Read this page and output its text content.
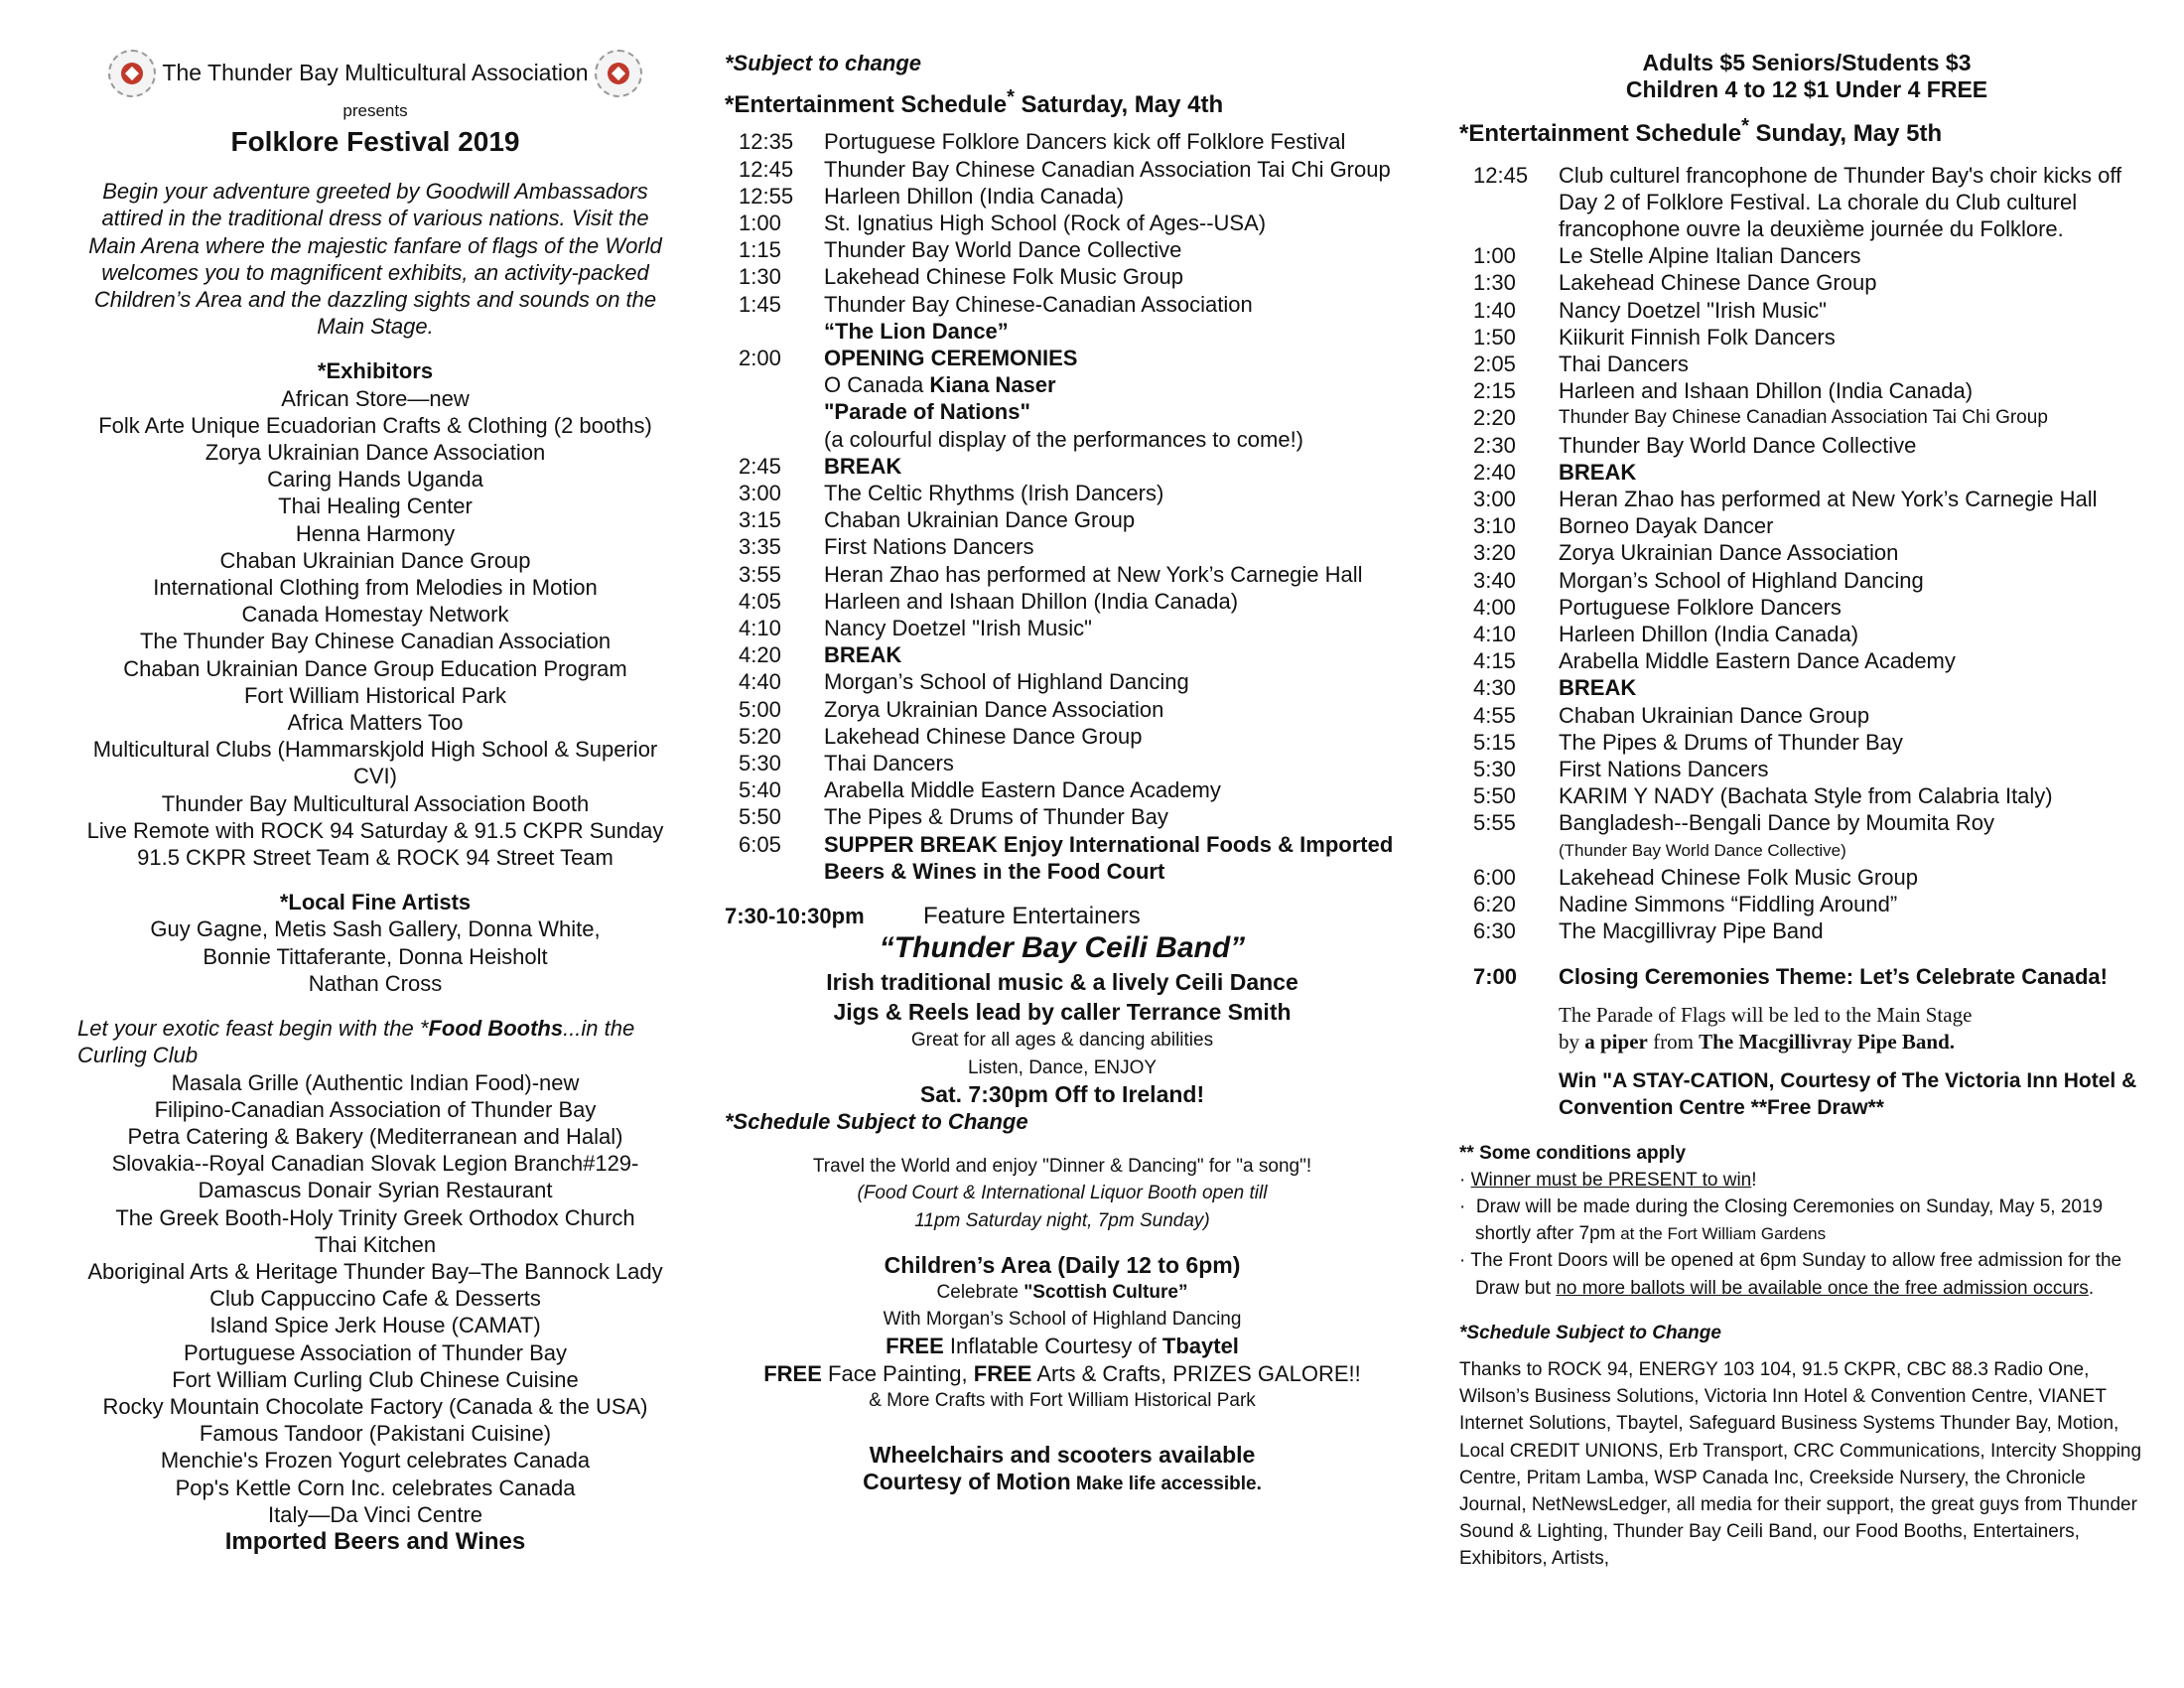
The Thunder Bay Multicultural Association
presents
Folklore Festival 2019
Begin your adventure greeted by Goodwill Ambassadors attired in the traditional dress of various nations. Visit the Main Arena where the majestic fanfare of flags of the World welcomes you to magnificent exhibits, an activity-packed Children’s Area and the dazzling sights and sounds on the Main Stage.
*Exhibitors
African Store—new
Folk Arte Unique Ecuadorian Crafts & Clothing (2 booths)
Zorya Ukrainian Dance Association
Caring Hands Uganda
Thai Healing Center
Henna Harmony
Chaban Ukrainian Dance Group
International Clothing from Melodies in Motion
Canada Homestay Network
The Thunder Bay Chinese Canadian Association
Chaban Ukrainian Dance Group Education Program
Fort William Historical Park
Africa Matters Too
Multicultural Clubs (Hammarskjold High School & Superior CVI)
Thunder Bay Multicultural Association Booth
Live Remote with ROCK 94 Saturday & 91.5 CKPR Sunday
91.5 CKPR Street Team & ROCK 94 Street Team
*Local Fine Artists
Guy Gagne, Metis Sash Gallery, Donna White,
Bonnie Tittaferante, Donna Heisholt
Nathan Cross
Let your exotic feast begin with the *Food Booths...in the Curling Club
Masala Grille (Authentic Indian Food)-new
Filipino-Canadian Association of Thunder Bay
Petra Catering & Bakery (Mediterranean and Halal)
Slovakia--Royal Canadian Slovak Legion Branch#129-
Damascus Donair Syrian Restaurant
The Greek Booth-Holy Trinity Greek Orthodox Church
Thai Kitchen
Aboriginal Arts & Heritage Thunder Bay–The Bannock Lady
Club Cappuccino Cafe & Desserts
Island Spice Jerk House (CAMAT)
Portuguese Association of Thunder Bay
Fort William Curling Club Chinese Cuisine
Rocky Mountain Chocolate Factory (Canada & the USA)
Famous Tandoor (Pakistani Cuisine)
Menchie's Frozen Yogurt celebrates Canada
Pop's Kettle Corn Inc. celebrates Canada
Italy—Da Vinci Centre
Imported Beers and Wines
*Subject to change
*Entertainment Schedule* Saturday, May 4th
12:35	Portuguese Folklore Dancers kick off Folklore Festival
12:45	Thunder Bay Chinese Canadian Association Tai Chi Group
12:55	Harleen Dhillon (India Canada)
1:00	St. Ignatius High School (Rock of Ages--USA)
1:15	Thunder Bay World Dance Collective
1:30	Lakehead Chinese Folk Music Group
1:45	Thunder Bay Chinese-Canadian Association
“The Lion Dance”
2:00	OPENING CEREMONIES
O Canada Kiana Naser
"Parade of Nations"
(a colourful display of the performances to come!)
2:45	BREAK
3:00	The Celtic Rhythms (Irish Dancers)
3:15	Chaban Ukrainian Dance Group
3:35	First Nations Dancers
3:55	Heran Zhao has performed at New York’s Carnegie Hall
4:05	Harleen and Ishaan Dhillon (India Canada)
4:10	Nancy Doetzel "Irish Music"
4:20	BREAK
4:40	Morgan’s School of Highland Dancing
5:00	Zorya Ukrainian Dance Association
5:20	Lakehead Chinese Dance Group
5:30	Thai Dancers
5:40	Arabella Middle Eastern Dance Academy
5:50	The Pipes & Drums of Thunder Bay
6:05	SUPPER BREAK Enjoy International Foods & Imported Beers & Wines in the Food Court
7:30-10:30pm Feature Entertainers
“Thunder Bay Ceili Band”
Irish traditional music & a lively Ceili Dance
Jigs & Reels lead by caller Terrance Smith
Great for all ages & dancing abilities
Listen, Dance, ENJOY
Sat. 7:30pm Off to Ireland!
*Schedule Subject to Change
Travel the World and enjoy "Dinner & Dancing" for "a song"!
(Food Court & International Liquor Booth open till 11pm Saturday night, 7pm Sunday)
Children’s Area (Daily 12 to 6pm)
Celebrate "Scottish Culture”
With Morgan’s School of Highland Dancing
FREE Inflatable Courtesy of Tbaytel
FREE Face Painting, FREE Arts & Crafts, PRIZES GALORE!!
& More Crafts with Fort William Historical Park
Wheelchairs and scooters available
Courtesy of Motion Make life accessible.
Adults $5 Seniors/Students $3
Children 4 to 12 $1 Under 4 FREE
*Entertainment Schedule* Sunday, May 5th
12:45	Club culturel francophone de Thunder Bay's choir kicks off Day 2 of Folklore Festival. La chorale du Club culturel francophone ouvre la deuxième journée du Folklore.
1:00	Le Stelle Alpine Italian Dancers
1:30	Lakehead Chinese Dance Group
1:40	Nancy Doetzel "Irish Music"
1:50	Kiikurit Finnish Folk Dancers
2:05	Thai Dancers
2:15	Harleen and Ishaan Dhillon (India Canada)
2:20	Thunder Bay Chinese Canadian Association Tai Chi Group
2:30	Thunder Bay World Dance Collective
2:40	BREAK
3:00	Heran Zhao has performed at New York’s Carnegie Hall
3:10	Borneo Dayak Dancer
3:20	Zorya Ukrainian Dance Association
3:40	Morgan’s School of Highland Dancing
4:00	Portuguese Folklore Dancers
4:10	Harleen Dhillon (India Canada)
4:15	Arabella Middle Eastern Dance Academy
4:30	BREAK
4:55	Chaban Ukrainian Dance Group
5:15	The Pipes & Drums of Thunder Bay
5:30	First Nations Dancers
5:50	KARIM Y NADY (Bachata Style from Calabria Italy)
5:55	Bangladesh--Bengali Dance by Moumita Roy
(Thunder Bay World Dance Collective)
6:00	Lakehead Chinese Folk Music Group
6:20	Nadine Simmons “Fiddling Around”
6:30	The Macgillivray Pipe Band
7:00	Closing Ceremonies Theme: Let’s Celebrate Canada!
The Parade of Flags will be led to the Main Stage
by a piper from The Macgillivray Pipe Band.
Win "A STAY-CATION, Courtesy of The Victoria Inn Hotel & Convention Centre **Free Draw**
** Some conditions apply
· Winner must be PRESENT to win!
·  Draw will be made during the Closing Ceremonies on Sunday, May 5, 2019 shortly after 7pm at the Fort William Gardens
· The Front Doors will be opened at 6pm Sunday to allow free admission for the Draw but no more ballots will be available once the free admission occurs.
*Schedule Subject to Change
Thanks to ROCK 94, ENERGY 103 104, 91.5 CKPR, CBC 88.3 Radio One, Wilson’s Business Solutions, Victoria Inn Hotel & Convention Centre, VIANET Internet Solutions, Tbaytel, Safeguard Business Systems Thunder Bay, Motion, Local CREDIT UNIONS, Erb Transport, CRC Communications, Intercity Shopping Centre, Pritam Lamba, WSP Canada Inc, Creekside Nursery, the Chronicle Journal, NetNewsLedger, all media for their support, the great guys from Thunder Sound & Lighting, Thunder Bay Ceili Band, our Food Booths, Entertainers, Exhibitors, Artists,
